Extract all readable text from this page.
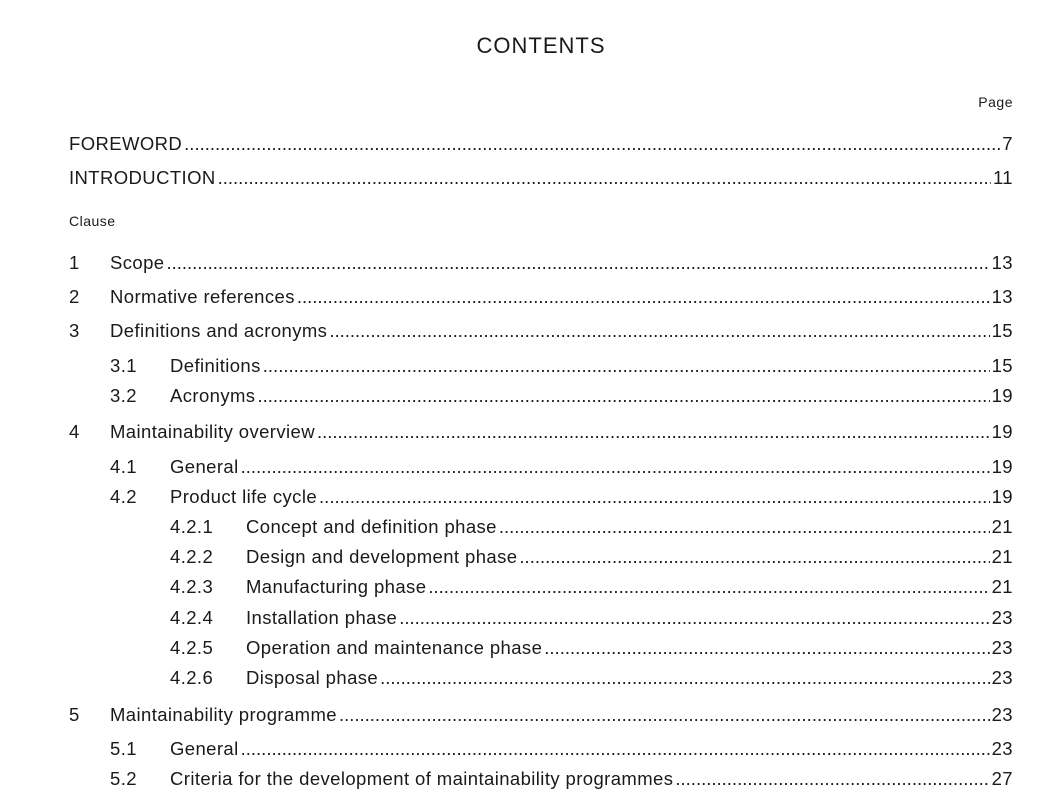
CONTENTS
Page
Clause
FOREWORD .....	7
INTRODUCTION .....	11
1	Scope .....	13
2	Normative references .....	13
3	Definitions and acronyms .....	15
3.1	Definitions .....	15
3.2	Acronyms .....	19
4	Maintainability overview .....	19
4.1	General .....	19
4.2	Product life cycle .....	19
4.2.1	Concept and definition phase .....	21
4.2.2	Design and development phase .....	21
4.2.3	Manufacturing phase .....	21
4.2.4	Installation phase .....	23
4.2.5	Operation and maintenance phase .....	23
4.2.6	Disposal phase .....	23
5	Maintainability programme .....	23
5.1	General .....	23
5.2	Criteria for the development of maintainability programmes .....	27
